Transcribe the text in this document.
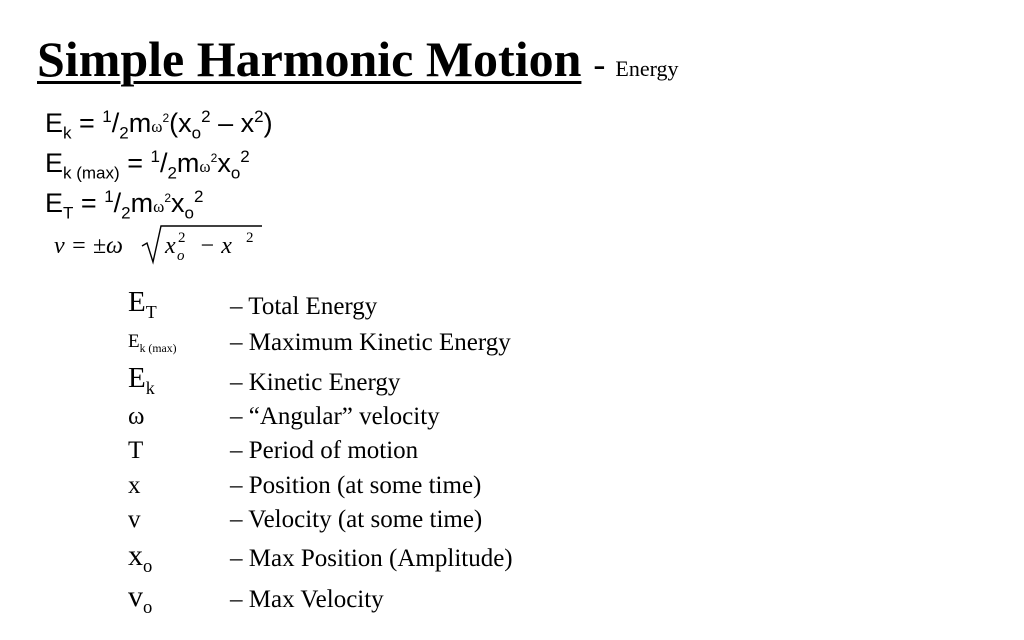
Simple Harmonic Motion - Energy
$E_k = ^1/_2m\omega^2(x_o^2 - x^2)$
$E_{k (max)} = ^1/_2m\omega^2x_o^2$
$E_T = ^1/_2m\omega^2x_o^2$
v = ±ω x o
2 − x 2
$E_T$	– Total Energy
$E_{k (max)}$ – Maximum Kinetic Energy
$E_k$	– Kinetic Energy
ω	– “Angular” velocity
T	– Period of motion
x	– Position (at some time)
v	– Velocity (at some time)
$x_o$	– Max Position (Amplitude)
$v_o$	– Max Velocity
